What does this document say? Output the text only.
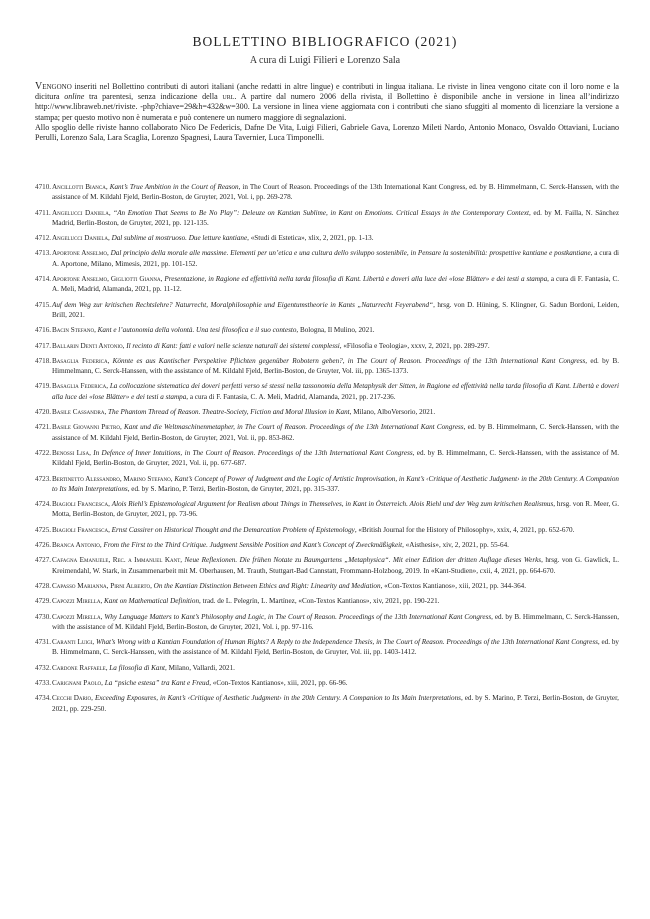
BOLLETTINO BIBLIOGRAFICO (2021)
A cura di Luigi Filieri e Lorenzo Sala

Vengono inseriti nel Bollettino contributi di autori italiani (anche redatti in altre lingue) e contributi in lingua italiana. Le riviste in linea vengono citate con il loro nome e la dicitura online tra parentesi, senza indicazione della url. A partire dal numero 2006 della rivista, il Bollettino è disponibile anche in versione in linea all’indirizzo http://www.libraweb.net/riviste. -php?chiave=29&h=432&w=300. La versione in linea viene aggiornata con i contributi che siano sfuggiti al momento di licenziare la versione a stampa; per questo motivo non è numerata e può contenere un numero maggiore di segnalazioni.

Allo spoglio delle riviste hanno collaborato Nico De Federicis, Dafne De Vita, Luigi Filieri, Gabriele Gava, Lorenzo Mileti Nardo, Antonio Monaco, Osvaldo Ottaviani, Luciano Perulli, Lorenzo Sala, Lara Scaglia, Lorenzo Spagnesi, Laura Tavernier, Luca Timponelli.

4710.Ancillotti Bianca, Kant’s True Ambition in the Court of Reason, in The Court of Reason. Proceedings of the 13th International Kant Congress, ed. by B. Himmelmann, C. Serck-Hanssen, with the assistance of M. Kildahl Fjeld, Berlin-Boston, de Gruyter, 2021, Vol. i, pp. 269-278.

4711.Angelucci Daniela, “An Emotion That Seems to Be No Play”: Deleuze on Kantian Sublime, in Kant on Emotions. Critical Essays in the Contemporary Context, ed. by M. Failla, N. Sánchez Madrid, Berlin-Boston, de Gruyter, 2021, pp. 121-135.

4712.Angelucci Daniela, Dal sublime al mostruoso. Due letture kantiane, «Studi di Estetica», xlix, 2, 2021, pp. 1-13.

4713.Aportone Anselmo, Dal principio della morale alle massime. Elementi per un’etica e una cultura dello sviluppo sostenibile, in Pensare la sostenibilità: prospettive kantiane e postkantiane, a cura di A. Aportone, Milano, Mimesis, 2021, pp. 101-152.

4714.Aportone Anselmo, Gigliotti Gianna, Presentazione, in Ragione ed effettività nella tarda filosofia di Kant. Libertà e doveri alla luce dei «lose Blätter» e dei testi a stampa, a cura di F. Fantasia, C. A. Meli, Madrid, Alamanda, 2021, pp. 11-12.

4715.Auf dem Weg zur kritischen Rechtslehre? Naturrecht, Moralphilosophie und Eigentumstheorie in Kants „Naturrecht Feyerabend“, hrsg. von D. Hüning, S. Klingner, G. Sadun Bordoni, Leiden, Brill, 2021.

4716.Bacin Stefano, Kant e l’autonomia della volontà. Una tesi filosofica e il suo contesto, Bologna, Il Mulino, 2021.

4717.Ballarin Denti Antonio, Il recinto di Kant: fatti e valori nelle scienze naturali dei sistemi complessi, «Filosofia e Teologia», xxxv, 2, 2021, pp. 289-297.

4718.Basaglia Federica, Könnte es aus Kantischer Perspektive Pflichten gegenüber Robotern geben?, in The Court of Reason. Proceedings of the 13th International Kant Congress, ed. by B. Himmelmann, C. Serck-Hanssen, with the assistance of M. Kildahl Fjeld, Berlin-Boston, de Gruyter, Vol. iii, pp. 1365-1373.

4719.Basaglia Federica, La collocazione sistematica dei doveri perfetti verso sé stessi nella tassonomia della Metaphysik der Sitten, in Ragione ed effettività nella tarda filosofia di Kant. Libertà e doveri alla luce dei «lose Blätter» e dei testi a stampa, a cura di F. Fantasia, C. A. Meli, Madrid, Alamanda, 2021, pp. 217-236.

4720.Basile Cassandra, The Phantom Thread of Reason. Theatre-Society, Fiction and Moral Illusion in Kant, Milano, AlboVersorio, 2021.

4721.Basile Giovanni Pietro, Kant und die Weltmaschinenmetapher, in The Court of Reason. Proceedings of the 13th International Kant Congress, ed. by B. Himmelmann, C. Serck-Hanssen, with the assistance of M. Kildahl Fjeld, Berlin-Boston, de Gruyter, 2021, Vol. ii, pp. 853-862.

4722.Benossi Lisa, In Defence of Inner Intuitions, in The Court of Reason. Proceedings of the 13th International Kant Congress, ed. by B. Himmelmann, C. Serck-Hanssen, with the assistance of M. Kildahl Fjeld, Berlin-Boston, de Gruyter, 2021, Vol. ii, pp. 677-687.

4723.Bertinetto Alessandro, Marino Stefano, Kant’s Concept of Power of Judgment and the Logic of Artistic Improvisation, in Kant’s ‹Critique of Aesthetic Judgment› in the 20th Century. A Companion to Its Main Interpretations, ed. by S. Marino, P. Terzi, Berlin-Boston, de Gruyter, 2021, pp. 315-337.

4724.Biagioli Francesca, Alois Riehl’s Epistemological Argument for Realism about Things in Themselves, in Kant in Österreich. Alois Riehl und der Weg zum kritischen Realismus, hrsg. von R. Meer, G. Motta, Berlin-Boston, de Gruyter, 2021, pp. 73-96.

4725.Biagioli Francesca, Ernst Cassirer on Historical Thought and the Demarcation Problem of Epistemology, «British Journal for the History of Philosophy», xxix, 4, 2021, pp. 652-670.

4726.Branca Antonio, From the First to the Third Critique. Judgment Sensible Position and Kant’s Concept of Zweckmäßigkeit, «Aisthesis», xiv, 2, 2021, pp. 55-64.

4727.Cafagna Emanuele, Rec. a Immanuel Kant, Neue Reflexionen. Die frühen Notate zu Baumgartens „Metaphysica“. Mit einer Edition der dritten Auflage dieses Werks, hrsg. von G. Gawlick, L. Kreimendahl, W. Stark, in Zusammenarbeit mit M. Oberhausen, M. Trauth, Stuttgart-Bad Cannstatt, Frommann-Holzboog, 2019. In «Kant-Studien», cxii, 4, 2021, pp. 664-670.

4728.Capasso Marianna, Pirni Alberto, On the Kantian Distinction Between Ethics and Right: Linearity and Mediation, «Con-Textos Kantianos», xiii, 2021, pp. 344-364.

4729.Capozzi Mirella, Kant on Mathematical Definition, trad. de L. Pelegrín, L. Martínez, «Con-Textos Kantianos», xiv, 2021, pp. 190-221.

4730.Capozzi Mirella, Why Language Matters to Kant’s Philosophy and Logic, in The Court of Reason. Proceedings of the 13th International Kant Congress, ed. by B. Himmelmann, C. Serck-Hanssen, with the assistance of M. Kildahl Fjeld, Berlin-Boston, de Gruyter, 2021, Vol. i, pp. 97-116.

4731.Caranti Luigi, What’s Wrong with a Kantian Foundation of Human Rights? A Reply to the Independence Thesis, in The Court of Reason. Proceedings of the 13th International Kant Congress, ed. by B. Himmelmann, C. Serck-Hanssen, with the assistance of M. Kildahl Fjeld, Berlin-Boston, de Gruyter, Vol. iii, pp. 1403-1412.

4732.Cardone Raffaele, La filosofia di Kant, Milano, Vallardi, 2021.

4733.Carignani Paolo, La “psiche estesa” tra Kant e Freud, «Con-Textos Kantianos», xiii, 2021, pp. 66-96.

4734.Cecchi Dario, Exceeding Exposures, in Kant’s ‹Critique of Aesthetic Judgment› in the 20th Century. A Companion to Its Main Interpretations, ed. by S. Marino, P. Terzi, Berlin-Boston, de Gruyter, 2021, pp. 229-250.
